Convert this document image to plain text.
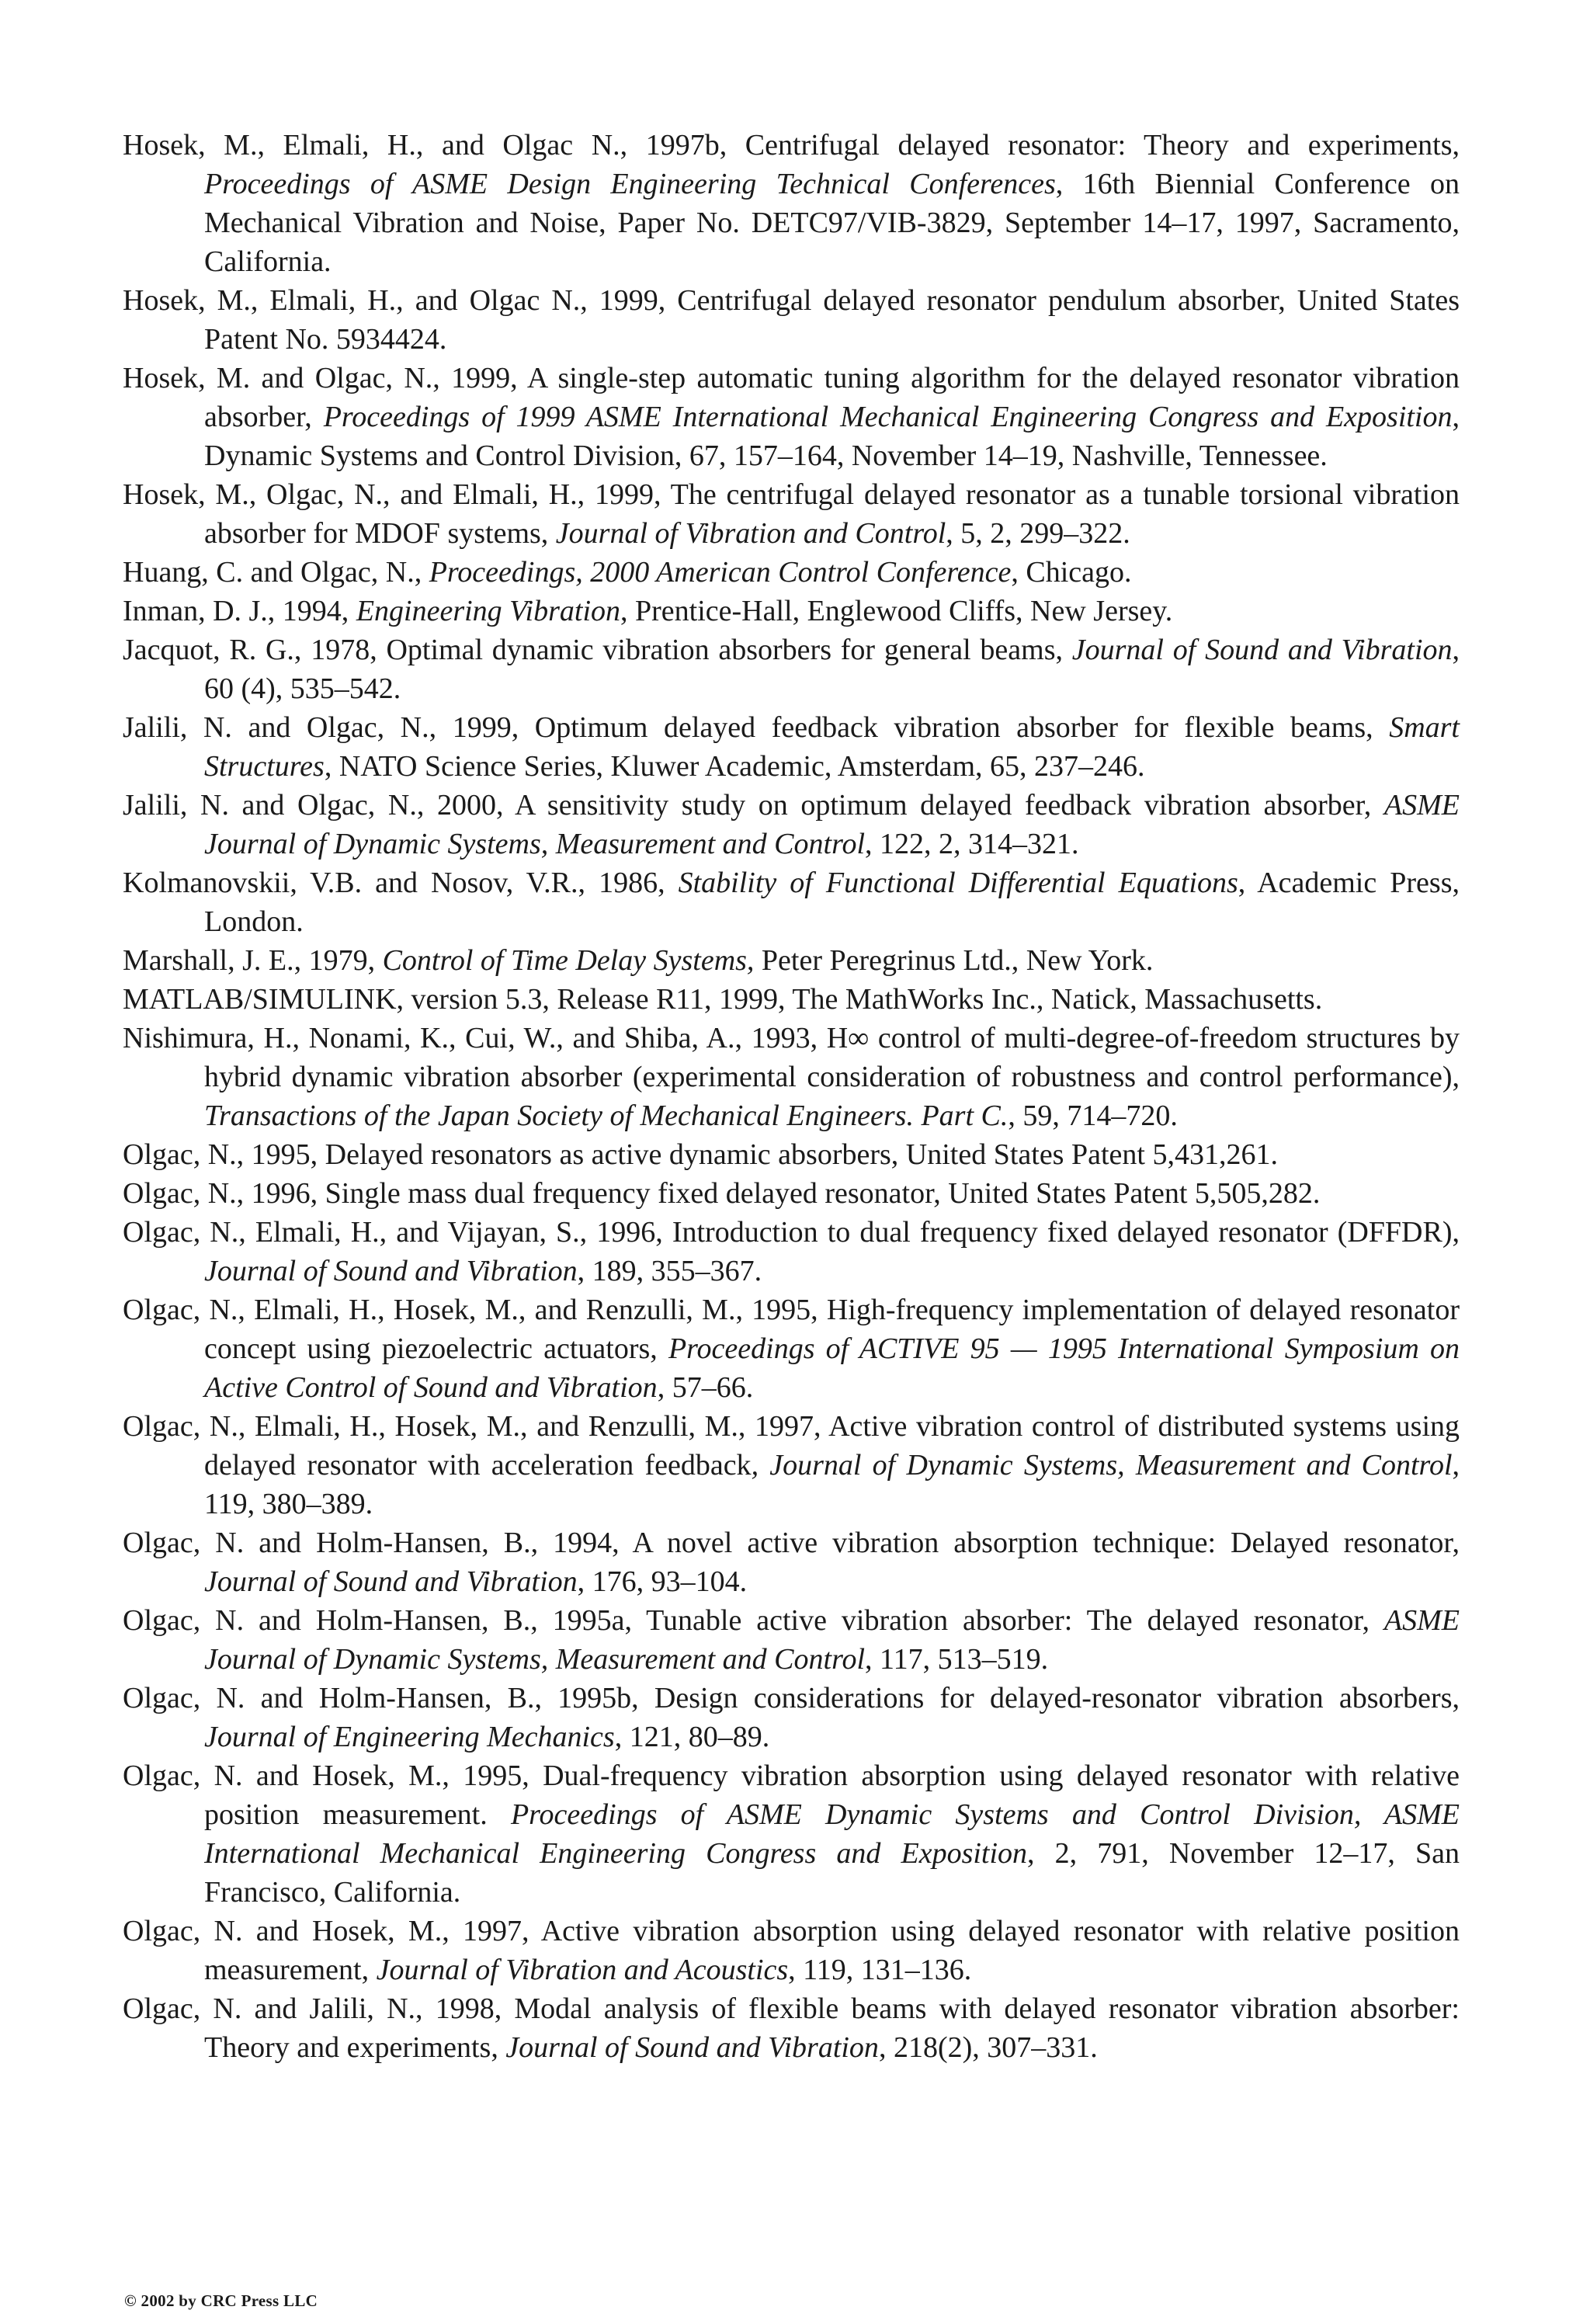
Hosek, M., Elmali, H., and Olgac N., 1997b, Centrifugal delayed resonator: Theory and experiments, Proceedings of ASME Design Engineering Technical Conferences, 16th Biennial Conference on Mechanical Vibration and Noise, Paper No. DETC97/VIB-3829, September 14–17, 1997, Sacramento, California.

Hosek, M., Elmali, H., and Olgac N., 1999, Centrifugal delayed resonator pendulum absorber, United States Patent No. 5934424.

Hosek, M. and Olgac, N., 1999, A single-step automatic tuning algorithm for the delayed resonator vibration absorber, Proceedings of 1999 ASME International Mechanical Engineering Congress and Exposition, Dynamic Systems and Control Division, 67, 157–164, November 14–19, Nashville, Tennessee.

Hosek, M., Olgac, N., and Elmali, H., 1999, The centrifugal delayed resonator as a tunable torsional vibration absorber for MDOF systems, Journal of Vibration and Control, 5, 2, 299–322.

Huang, C. and Olgac, N., Proceedings, 2000 American Control Conference, Chicago.

Inman, D. J., 1994, Engineering Vibration, Prentice-Hall, Englewood Cliffs, New Jersey.

Jacquot, R. G., 1978, Optimal dynamic vibration absorbers for general beams, Journal of Sound and Vibration, 60 (4), 535–542.

Jalili, N. and Olgac, N., 1999, Optimum delayed feedback vibration absorber for flexible beams, Smart Structures, NATO Science Series, Kluwer Academic, Amsterdam, 65, 237–246.

Jalili, N. and Olgac, N., 2000, A sensitivity study on optimum delayed feedback vibration absorber, ASME Journal of Dynamic Systems, Measurement and Control, 122, 2, 314–321.

Kolmanovskii, V.B. and Nosov, V.R., 1986, Stability of Functional Differential Equations, Academic Press, London.

Marshall, J. E., 1979, Control of Time Delay Systems, Peter Peregrinus Ltd., New York.

MATLAB/SIMULINK, version 5.3, Release R11, 1999, The MathWorks Inc., Natick, Massachusetts.

Nishimura, H., Nonami, K., Cui, W., and Shiba, A., 1993, H∞ control of multi-degree-of-freedom structures by hybrid dynamic vibration absorber (experimental consideration of robustness and control performance), Transactions of the Japan Society of Mechanical Engineers. Part C., 59, 714–720.

Olgac, N., 1995, Delayed resonators as active dynamic absorbers, United States Patent 5,431,261.

Olgac, N., 1996, Single mass dual frequency fixed delayed resonator, United States Patent 5,505,282.

Olgac, N., Elmali, H., and Vijayan, S., 1996, Introduction to dual frequency fixed delayed resonator (DFFDR), Journal of Sound and Vibration, 189, 355–367.

Olgac, N., Elmali, H., Hosek, M., and Renzulli, M., 1995, High-frequency implementation of delayed resonator concept using piezoelectric actuators, Proceedings of ACTIVE 95 — 1995 International Symposium on Active Control of Sound and Vibration, 57–66.

Olgac, N., Elmali, H., Hosek, M., and Renzulli, M., 1997, Active vibration control of distributed systems using delayed resonator with acceleration feedback, Journal of Dynamic Systems, Measurement and Control, 119, 380–389.

Olgac, N. and Holm-Hansen, B., 1994, A novel active vibration absorption technique: Delayed resonator, Journal of Sound and Vibration, 176, 93–104.

Olgac, N. and Holm-Hansen, B., 1995a, Tunable active vibration absorber: The delayed resonator, ASME Journal of Dynamic Systems, Measurement and Control, 117, 513–519.

Olgac, N. and Holm-Hansen, B., 1995b, Design considerations for delayed-resonator vibration absorbers, Journal of Engineering Mechanics, 121, 80–89.

Olgac, N. and Hosek, M., 1995, Dual-frequency vibration absorption using delayed resonator with relative position measurement. Proceedings of ASME Dynamic Systems and Control Division, ASME International Mechanical Engineering Congress and Exposition, 2, 791, November 12–17, San Francisco, California.

Olgac, N. and Hosek, M., 1997, Active vibration absorption using delayed resonator with relative position measurement, Journal of Vibration and Acoustics, 119, 131–136.

Olgac, N. and Jalili, N., 1998, Modal analysis of flexible beams with delayed resonator vibration absorber: Theory and experiments, Journal of Sound and Vibration, 218(2), 307–331.

© 2002 by CRC Press LLC
